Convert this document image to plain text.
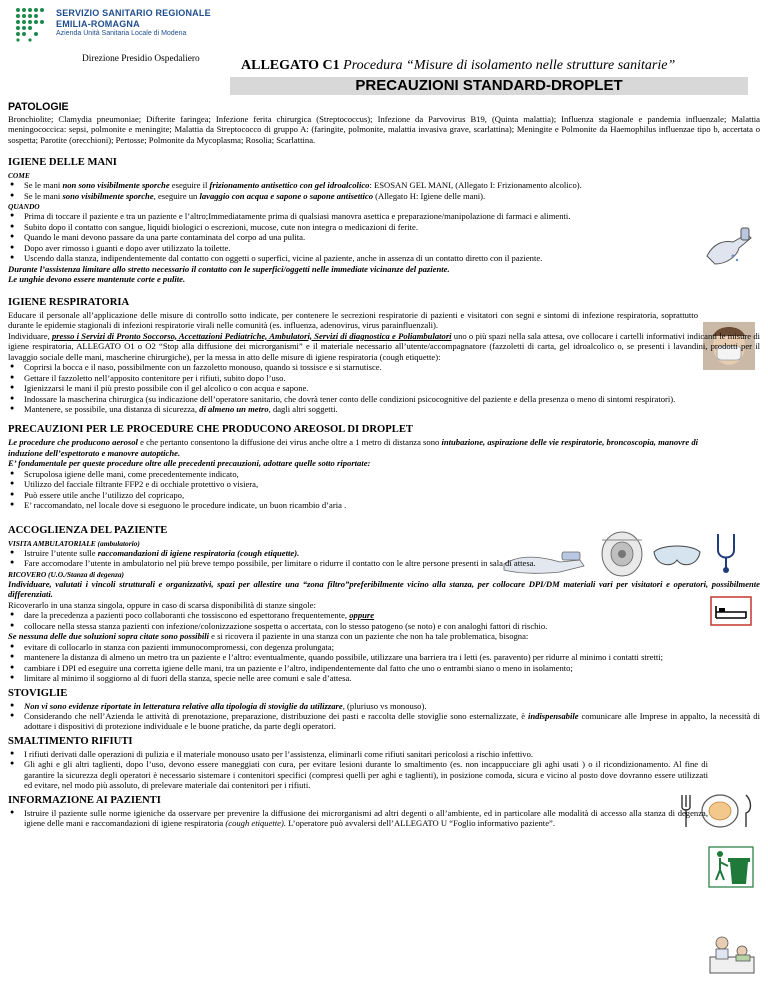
SERVIZIO SANITARIO REGIONALE
EMILIA-ROMAGNA
Azienda Unità Sanitaria Locale di Modena
Direzione Presidio Ospedaliero	ALLEGATO C1 Procedura “Misure di isolamento nelle strutture sanitarie”
PRECAUZIONI STANDARD-DROPLET
PATOLOGIE

Bronchiolite; Clamydia pneumoniae; Difterite faringea; Infezione ferita chirurgica (Streptococcus); Infezione da Parvovirus B19, (Quinta malattia); Influenza stagionale e pandemia influenzale; Malattia meningococcica: sepsi, polmonite e meningite; Malattia da Streptococco di gruppo A: (faringite, polmonite, malattia invasiva grave, scarlattina); Meningite e Polmonite da Haemophilus influenzae tipo b, accertata o sospetta; Parotite (orecchioni); Pertosse; Polmonite da Mycoplasma; Rosolia; Scarlattina.

IGIENE DELLE MANI
COME
● Se le mani non sono visibilmente sporche eseguire il frizionamento antisettico con gel idroalcolico: ESOSAN GEL MANI, (Allegato I: Frizionamento alcolico).
● Se le mani sono visibilmente sporche, eseguire un lavaggio con acqua e sapone o sapone antisettico (Allegato H: Igiene delle mani).
QUANDO
● Prima di toccare il paziente e tra un paziente e l’altro;Immediatamente prima di qualsiasi manovra asettica e preparazione/manipolazione di farmaci e alimenti.
● Subito dopo il contatto con sangue, liquidi biologici o escrezioni, mucose, cute non integra o medicazioni di ferite.
● Quando le mani devono passare da una parte contaminata del corpo ad una pulita.
● Dopo aver rimosso i guanti e dopo aver utilizzato la toilette.
● Uscendo dalla stanza, indipendentemente dal contatto con oggetti o superfici, vicine al paziente, anche in assenza di un contatto diretto con il paziente.

Durante l’assistenza limitare allo stretto necessario il contatto con le superfici/oggetti nelle immediate vicinanze del paziente.

Le unghie devono essere mantenute corte e pulite.

IGIENE RESPIRATORIA

Educare il personale all’applicazione delle misure di controllo sotto indicate, per contenere le secrezioni respiratorie di pazienti e visitatori con segni e sintomi di infezione respiratoria, soprattutto durante le epidemie stagionali di infezioni respiratorie virali nelle comunità (es. influenza, adenovirus, virus parainfluenzali).

Individuare, presso i Servizi di Pronto Soccorso, Accettazioni Pediatriche, Ambulatori, Servizi di diagnostica e Poliambulatori uno o più spazi nella sala attesa, ove collocare i cartelli informativi indicanti le misure di igiene respiratoria, ALLEGATO O1 o O2 “Stop alla diffusione dei microrganismi” e il materiale necessario all’utente/accompagnatore (fazzoletti di carta, gel idroalcolico o, se presenti i lavandini, prodotti per il lavaggio sociale delle mani, mascherine chirurgiche), per la messa in atto delle misure di igiene respiratoria (cough etiquette):

● Coprirsi la bocca e il naso, possibilmente con un fazzoletto monouso, quando si tossisce e si starnutisce.
● Gettare il fazzoletto nell’apposito contenitore per i rifiuti, subito dopo l’uso.
● Igienizzarsi le mani il più presto possibile con il gel alcolico o con acqua e sapone.
● Indossare la mascherina chirurgica (su indicazione dell’operatore sanitario, che dovrà tener conto delle condizioni psicocognitive del paziente e della presenza o meno di sintomi respiratori).
● Mantenere, se possibile, una distanza di sicurezza, di almeno un metro, dagli altri soggetti.
PRECAUZIONI PER LE PROCEDURE CHE PRODUCONO AREOSOL DI DROPLET

Le procedure che producono aerosol e che pertanto consentono la diffusione dei virus anche oltre a 1 metro di distanza sono intubazione, aspirazione delle vie respiratorie, broncoscopia, manovre di induzione dell’espettorato e manovre autoptiche.

E’ fondamentale per queste procedure oltre alle precedenti precauzioni, adottare quelle sotto riportate:

● Scrupolosa igiene delle mani, come precedentemente indicato,
● Utilizzo del facciale filtrante FFP2 e di occhiale protettivo o visiera,
● Può essere utile anche l’utilizzo del copricapo,
● E’ raccomandato, nel locale dove si eseguono le procedure indicate, un buon ricambio d’aria .
ACCOGLIENZA DEL PAZIENTE
VISITA AMBULATORIALE (ambulatorio)
● Istruire l’utente sulle raccomandazioni di igiene respiratoria (cough etiquette).
● Fare accomodare l’utente in ambulatorio nel più breve tempo possibile, per limitare o ridurre il contatto con le altre persone presenti in sala di attesa.
RICOVERO (U.O./Stanza di degenza)

Individuare, valutati i vincoli strutturali e organizzativi, spazi per allestire una “zona filtro”preferibilmente vicino alla stanza, per collocare DPI/DM materiali vari per visitatori e operatori, possibilmente differenziati.

Ricoverarlo in una stanza singola, oppure in caso di scarsa disponibilità di stanze singole:

● dare la precedenza a pazienti poco collaboranti che tossiscono ed espettorano frequentemente, oppure
● collocare nella stessa stanza pazienti con infezione/colonizzazione sospetta o accertata, con lo stesso patogeno (se noto) e con analoghi fattori di rischio.

Se nessuna delle due soluzioni sopra citate sono possibili e si ricovera il paziente in una stanza con un paziente che non ha tale problematica, bisogna:

● evitare di collocarlo in stanza con pazienti immunocompromessi, con degenza prolungata;
● mantenere la distanza di almeno un metro tra un paziente e l’altro: eventualmente, quando possibile, utilizzare una barriera tra i letti (es. paravento) per ridurre al minimo i contatti stretti;
● cambiare i DPI ed eseguire una corretta igiene delle mani, tra un paziente e l’altro, indipendentemente dal fatto che uno o entrambi siano o meno in isolamento;
● limitare al minimo il soggiorno al di fuori della stanza, specie nelle aree comuni e sale d’attesa.
STOVIGLIE
● Non vi sono evidenze riportate in letteratura relative alla tipologia di stoviglie da utilizzare, (pluriuso vs monouso).
● Considerando che nell’Azienda le attività di prenotazione, preparazione, distribuzione dei pasti e raccolta delle stoviglie sono esternalizzate, è indispensabile comunicare alle Imprese in appalto, la necessità di adottare i dispositivi di protezione individuale e le buone pratiche, da parte degli operatori.
SMALTIMENTO RIFIUTI
● I rifiuti derivati dalle operazioni di pulizia e il materiale monouso usato per l’assistenza, eliminarli come rifiuti sanitari pericolosi a rischio infettivo.
● Gli aghi e gli altri taglienti, dopo l’uso, devono essere maneggiati con cura, per evitare lesioni durante lo smaltimento (es. non incappucciare gli aghi usati ) o il ricondizionamento. Al fine di garantire la sicurezza degli operatori è necessario sistemare i contenitori specifici (compresi quelli per aghi e taglienti), in posizione comoda, sicura e vicino al posto dove dovranno essere utilizzati ed evitare, nel modo più assoluto, di prelevare materiale dai contenitori per i rifiuti.
INFORMAZIONE AI PAZIENTI
● Istruire il paziente sulle norme igieniche da osservare per prevenire la diffusione dei microrganismi ad altri degenti o all’ambiente, ed in particolare alle modalità di accesso alla stanza di degenza, igiene delle mani e raccomandazioni di igiene respiratoria (cough etiquette). L’operatore può avvalersi dell’ALLEGATO U “Foglio informativo paziente”.
